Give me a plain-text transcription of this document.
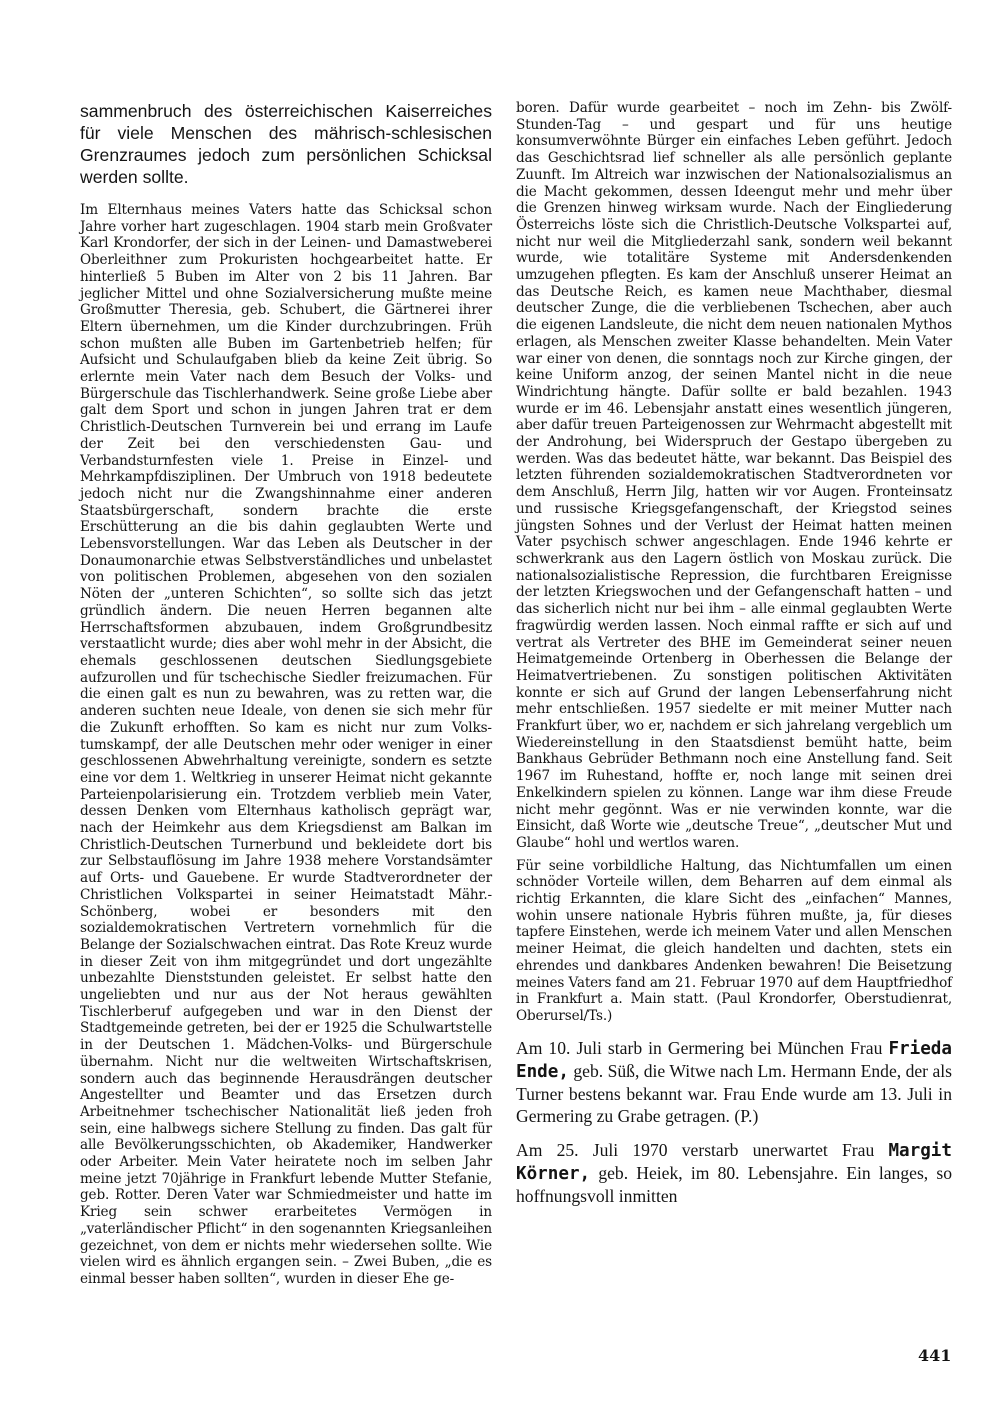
sammenbruch des österreichischen Kaiserreiches für viele Menschen des mährisch-schlesischen Grenzraumes jedoch zum persönlichen Schicksal werden sollte.

Im Elternhaus meines Vaters hatte das Schicksal schon Jahre vorher hart zugeschlagen. 1904 starb mein Großvater Karl Krondorfer, der sich in der Leinen- und Damastweberei Oberleithner zum Prokuristen hochgearbeitet hatte. Er hinterließ 5 Buben im Alter von 2 bis 11 Jahren. Bar jeglicher Mittel und ohne Sozialversicherung mußte meine Großmutter Theresia, geb. Schubert, die Gärtnerei ihrer Eltern übernehmen, um die Kinder durchzubringen. Früh schon mußten alle Buben im Gartenbetrieb helfen; für Aufsicht und Schulaufgaben blieb da keine Zeit übrig. So erlernte mein Vater nach dem Besuch der Volks- und Bürgerschule das Tischlerhandwerk. Seine große Liebe aber galt dem Sport und schon in jungen Jahren trat er dem Christlich-Deutschen Turnverein bei und errang im Laufe der Zeit bei den verschiedensten Gau- und Verbandsturnfesten viele 1. Preise in Einzel- und Mehrkampfdisziplinen. Der Umbruch von 1918 bedeutete jedoch nicht nur die Zwangshinnahme einer anderen Staatsbürgerschaft, sondern brachte die erste Erschütterung an die bis dahin geglaubten Werte und Lebensvorstellungen. War das Leben als Deutscher in der Donaumonarchie etwas Selbstverständliches und unbelastet von politischen Problemen, abgesehen von den sozialen Nöten der „unteren Schichten“, so sollte sich das jetzt gründlich ändern. Die neuen Herren begannen alte Herrschaftsformen abzubauen, indem Großgrundbesitz verstaatlicht wurde; dies aber wohl mehr in der Absicht, die ehemals geschlossenen deutschen Siedlungsgebiete aufzurollen und für tschechische Siedler freizumachen. Für die einen galt es nun zu bewahren, was zu retten war, die anderen suchten neue Ideale, von denen sie sich mehr für die Zukunft erhofften. So kam es nicht nur zum Volkstumskampf, der alle Deutschen mehr oder weniger in einer geschlossenen Abwehrhaltung vereinigte, sondern es setzte eine vor dem 1. Weltkrieg in unserer Heimat nicht gekannte Parteienpolarisierung ein. Trotzdem verblieb mein Vater, dessen Denken vom Elternhaus katholisch geprägt war, nach der Heimkehr aus dem Kriegsdienst am Balkan im Christlich-Deutschen Turnerbund und bekleidete dort bis zur Selbstauflösung im Jahre 1938 mehere Vorstandsämter auf Orts- und Gauebene. Er wurde Stadtverordneter der Christlichen Volkspartei in seiner Heimatstadt Mähr.-Schönberg, wobei er besonders mit den sozialdemokratischen Vertretern vornehmlich für die Belange der Sozialschwachen eintrat. Das Rote Kreuz wurde in dieser Zeit von ihm mitgegründet und dort ungezählte unbezahlte Dienststunden geleistet. Er selbst hatte den ungeliebten und nur aus der Not heraus gewählten Tischlerberuf aufgegeben und war in den Dienst der Stadtgemeinde getreten, bei der er 1925 die Schulwartstelle in der Deutschen 1. Mädchen-Volks- und Bürgerschule übernahm. Nicht nur die weltweiten Wirtschaftskrisen, sondern auch das beginnende Herausdrängen deutscher Angestellter und Beamter und das Ersetzen durch Arbeitnehmer tschechischer Nationalität ließ jeden froh sein, eine halbwegs sichere Stellung zu finden. Das galt für alle Bevölkerungsschichten, ob Akademiker, Handwerker oder Arbeiter. Mein Vater heiratete noch im selben Jahr meine jetzt 70jährige in Frankfurt lebende Mutter Stefanie, geb. Rotter. Deren Vater war Schmiedmeister und hatte im Krieg sein schwer erarbeitetes Vermögen in „vaterländischer Pflicht“ in den sogenannten Kriegsanleihen gezeichnet, von dem er nichts mehr wiedersehen sollte. Wie vielen wird es ähnlich ergangen sein. – Zwei Buben, „die es einmal besser haben sollten“, wurden in dieser Ehe ge-

boren. Dafür wurde gearbeitet – noch im Zehn- bis Zwölf-Stunden-Tag – und gespart und für uns heutige konsumverwöhnte Bürger ein einfaches Leben geführt. Jedoch das Geschichtsrad lief schneller als alle persönlich geplante Zuunft. Im Altreich war inzwischen der Nationalsozialismus an die Macht gekommen, dessen Ideengut mehr und mehr über die Grenzen hinweg wirksam wurde. Nach der Eingliederung Österreichs löste sich die Christlich-Deutsche Volkspartei auf, nicht nur weil die Mitgliederzahl sank, sondern weil bekannt wurde, wie totalitäre Systeme mit Andersdenkenden umzugehen pflegten. Es kam der Anschluß unserer Heimat an das Deutsche Reich, es kamen neue Machthaber, diesmal deutscher Zunge, die die verbliebenen Tschechen, aber auch die eigenen Landsleute, die nicht dem neuen nationalen Mythos erlagen, als Menschen zweiter Klasse behandelten. Mein Vater war einer von denen, die sonntags noch zur Kirche gingen, der keine Uniform anzog, der seinen Mantel nicht in die neue Windrichtung hängte. Dafür sollte er bald bezahlen. 1943 wurde er im 46. Lebensjahr anstatt eines wesentlich jüngeren, aber dafür treuen Parteigenossen zur Wehrmacht abgestellt mit der Androhung, bei Widerspruch der Gestapo übergeben zu werden. Was das bedeutet hätte, war bekannt. Das Beispiel des letzten führenden sozialdemokratischen Stadtverordneten vor dem Anschluß, Herrn Jilg, hatten wir vor Augen. Fronteinsatz und russische Kriegsgefangenschaft, der Kriegstod seines jüngsten Sohnes und der Verlust der Heimat hatten meinen Vater psychisch schwer angeschlagen. Ende 1946 kehrte er schwerkrank aus den Lagern östlich von Moskau zurück. Die nationalsozialistische Repression, die furchtbaren Ereignisse der letzten Kriegswochen und der Gefangenschaft hatten – und das sicherlich nicht nur bei ihm – alle einmal geglaubten Werte fragwürdig werden lassen. Noch einmal raffte er sich auf und vertrat als Vertreter des BHE im Gemeinderat seiner neuen Heimatgemeinde Ortenberg in Oberhessen die Belange der Heimatvertriebenen. Zu sonstigen politischen Aktivitäten konnte er sich auf Grund der langen Lebenserfahrung nicht mehr entschließen. 1957 siedelte er mit meiner Mutter nach Frankfurt über, wo er, nachdem er sich jahrelang vergeblich um Wiedereinstellung in den Staatsdienst bemüht hatte, beim Bankhaus Gebrüder Bethmann noch eine Anstellung fand. Seit 1967 im Ruhestand, hoffte er, noch lange mit seinen drei Enkelkindern spielen zu können. Lange war ihm diese Freude nicht mehr gegönnt. Was er nie verwinden konnte, war die Einsicht, daß Worte wie „deutsche Treue“, „deutscher Mut und Glaube“ hohl und wertlos waren.

Für seine vorbildliche Haltung, das Nichtumfallen um einen schnöder Vorteile willen, dem Beharren auf dem einmal als richtig Erkannten, die klare Sicht des „einfachen“ Mannes, wohin unsere nationale Hybris führen mußte, ja, für dieses tapfere Einstehen, werde ich meinem Vater und allen Menschen meiner Heimat, die gleich handelten und dachten, stets ein ehrendes und dankbares Andenken bewahren! Die Beisetzung meines Vaters fand am 21. Februar 1970 auf dem Hauptfriedhof in Frankfurt a. Main statt. (Paul Krondorfer, Oberstudienrat, Oberursel/Ts.)

Am 10. Juli starb in Germering bei München Frau Frieda Ende, geb. Süß, die Witwe nach Lm. Hermann Ende, der als Turner bestens bekannt war. Frau Ende wurde am 13. Juli in Germering zu Grabe getragen. (P.)

Am 25. Juli 1970 verstarb unerwartet Frau Margit Körner, geb. Heiek, im 80. Lebensjahre. Ein langes, so hoffnungsvoll inmitten

441
